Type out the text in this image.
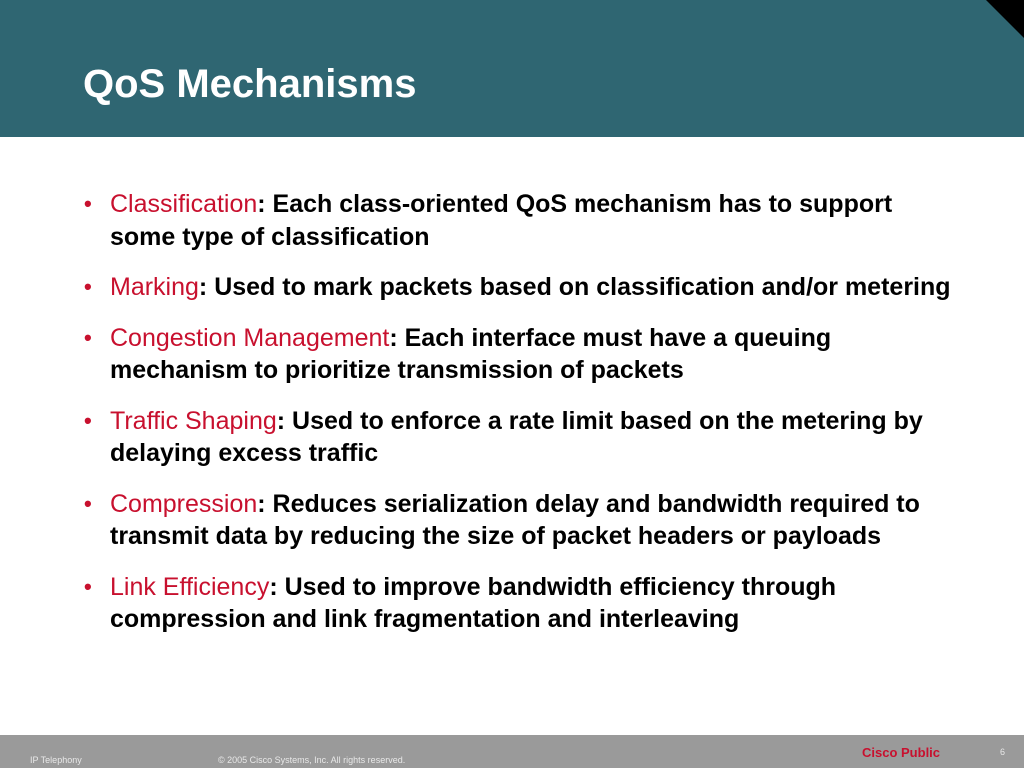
QoS Mechanisms
• Classification: Each class-oriented QoS mechanism has to support some type of classification
• Marking: Used to mark packets based on classification and/or metering
• Congestion Management: Each interface must have a queuing mechanism to prioritize transmission of packets
• Traffic Shaping: Used to enforce a rate limit based on the metering by delaying excess traffic
• Compression: Reduces serialization delay and bandwidth required to transmit data by reducing the size of packet headers or payloads
• Link Efficiency: Used to improve bandwidth efficiency through compression and link fragmentation and interleaving
IP Telephony	© 2005 Cisco Systems, Inc. All rights reserved.	Cisco Public	6
